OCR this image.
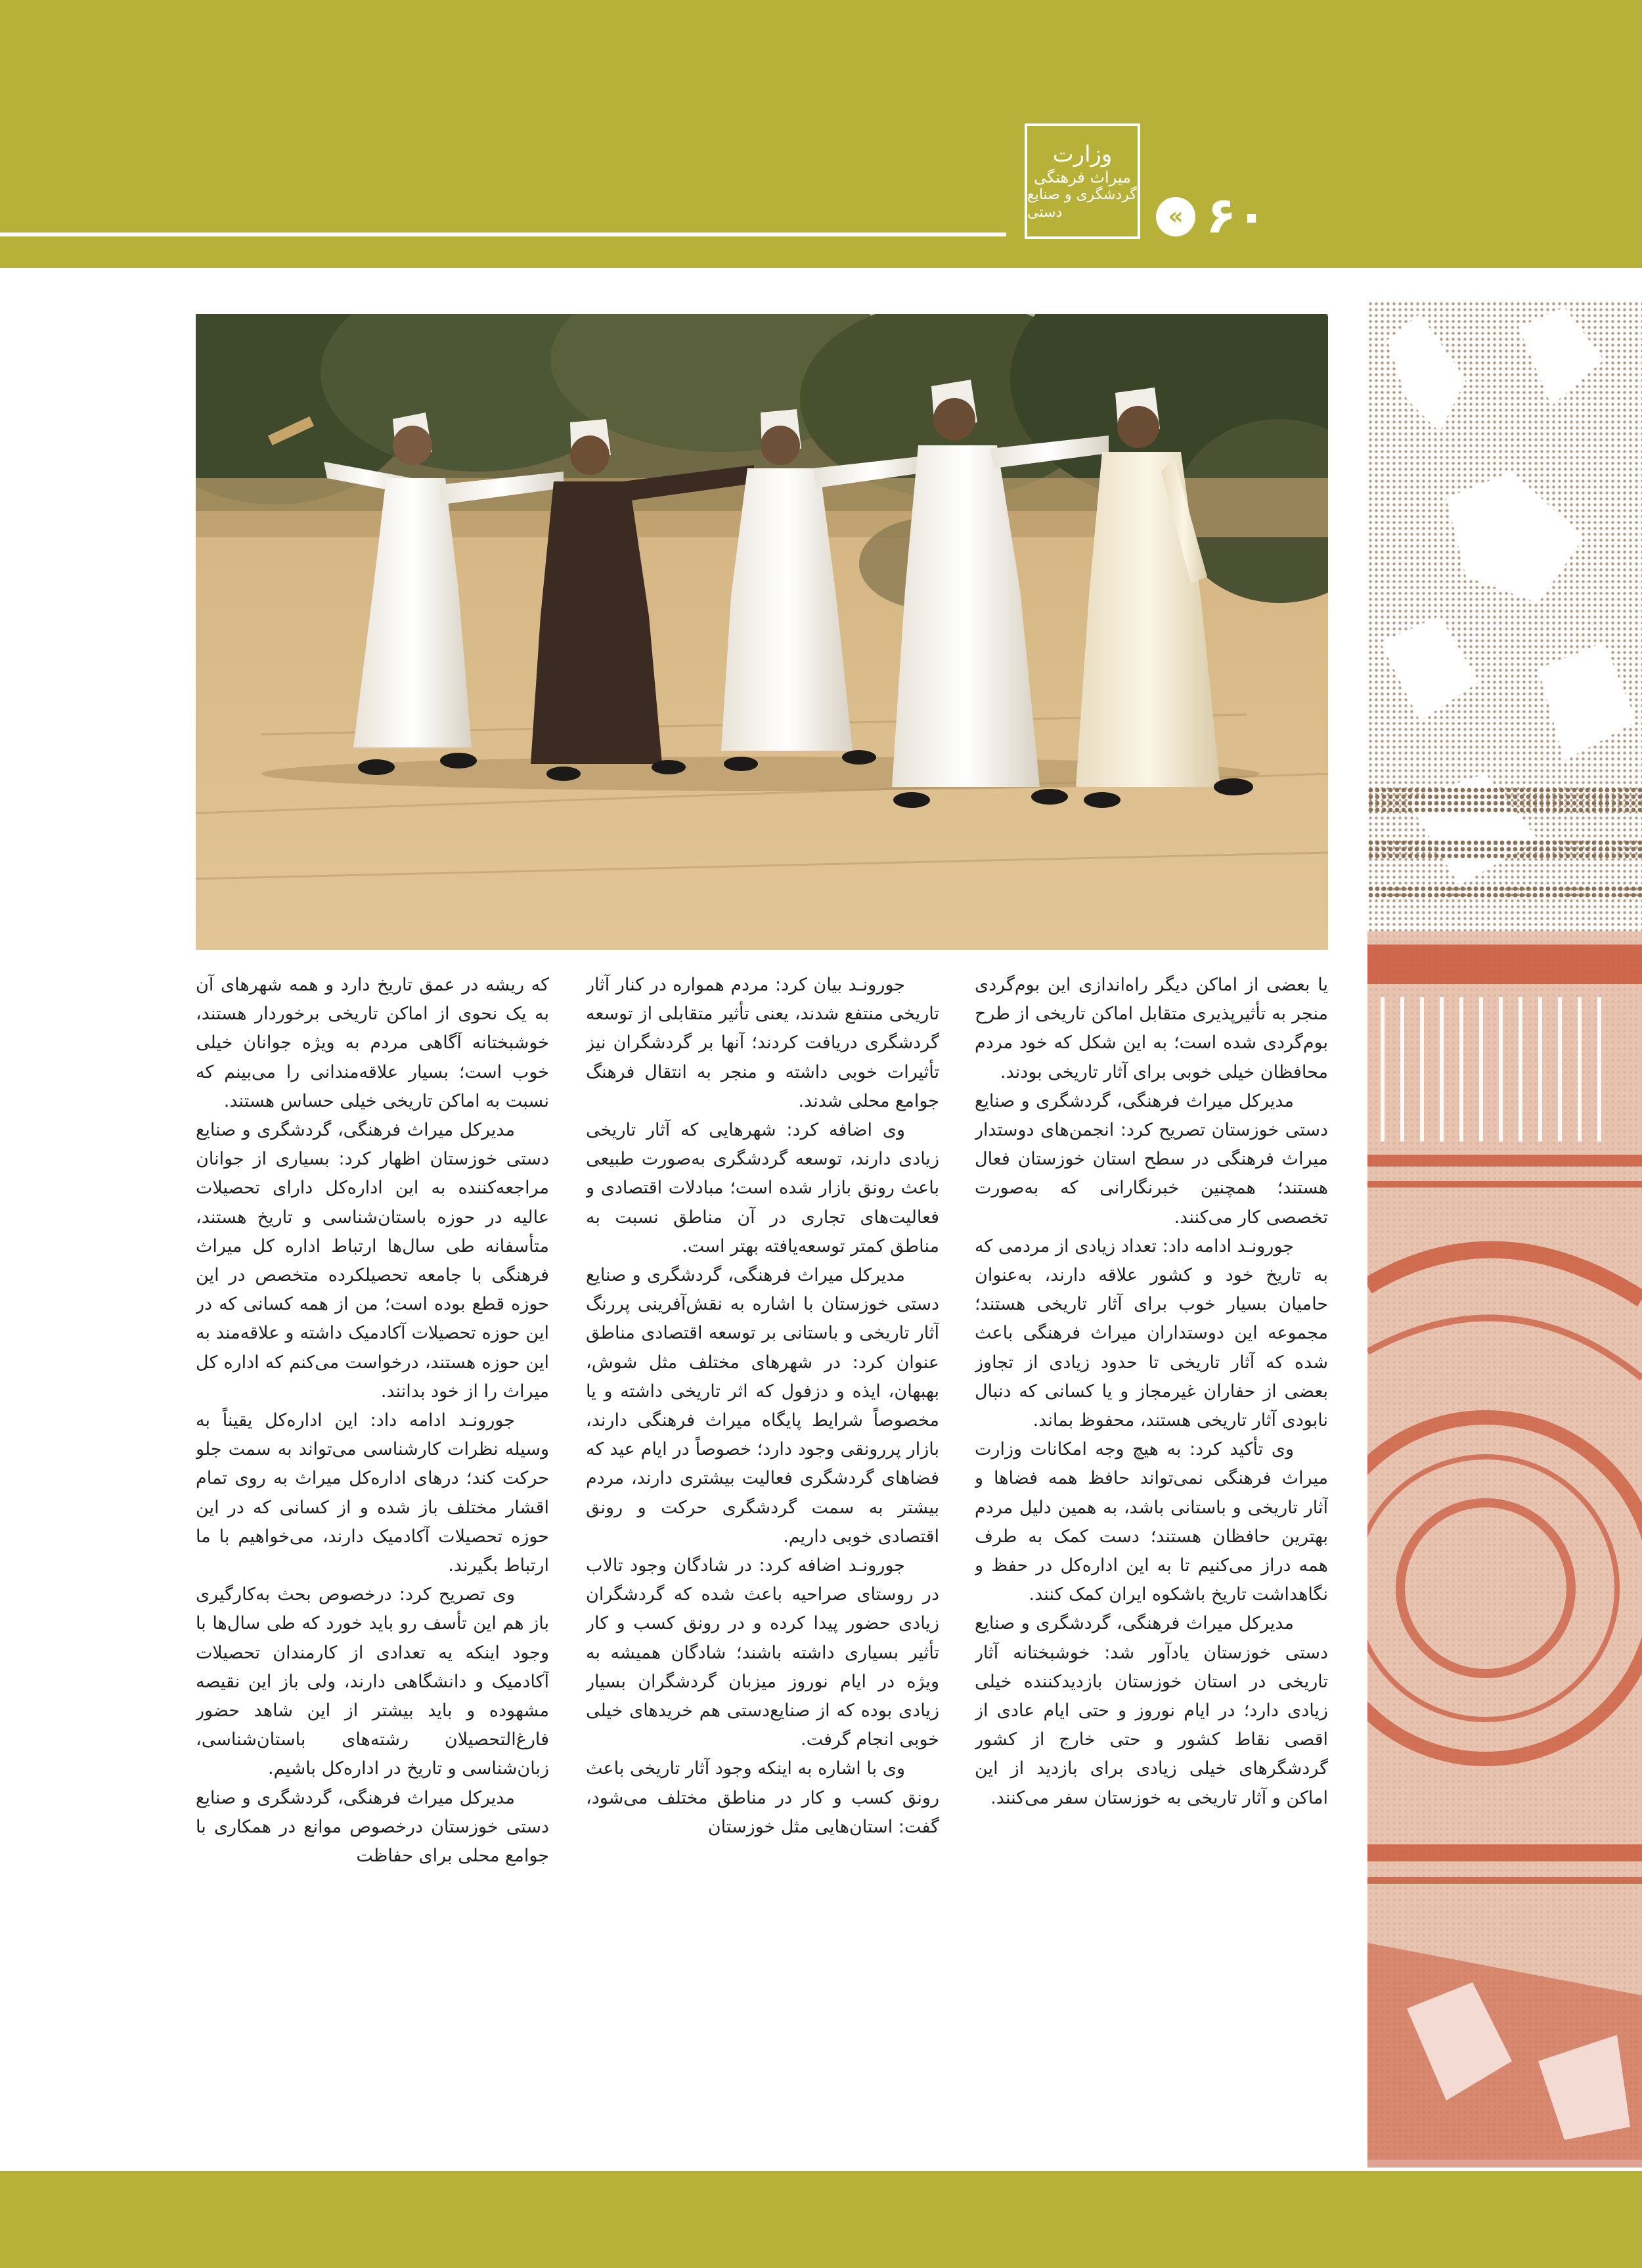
وزارت
میراث فرهنگی
گردشگری و صنایع دستی	« ۶۰

یا بعضی از اماکن دیگر راه‌اندازی این بوم‌گردی منجر به تأثیرپذیری متقابل اماکن تاریخی از طرح بوم‌گردی شده است؛ به این شکل که خود مردم محافظان خیلی خوبی برای آثار تاریخی بودند.

مدیرکل میراث فرهنگی، گردشگری و صنایع دستی خوزستان تصریح کرد: انجمن‌های دوستدار میراث فرهنگی در سطح استان خوزستان فعال هستند؛ همچنین خبرنگارانی که به‌صورت تخصصی کار می‌کنند.

جورونـد ادامه داد: تعداد زیادی از مردمی که به تاریخ خود و کشور علاقه دارند، به‌عنوان حامیان بسیار خوب برای آثار تاریخی هستند؛ مجموعه این دوستداران میراث فرهنگی باعث شده که آثار تاریخی تا حدود زیادی از تجاوز بعضی از حفاران غیرمجاز و یا کسانی که دنبال نابودی آثار تاریخی هستند، محفوظ بماند.

وی تأکید کرد: به هیچ وجه امکانات وزارت میراث فرهنگی نمی‌تواند حافظ همه فضاها و آثار تاریخی و باستانی باشد، به همین دلیل مردم بهترین حافظان هستند؛ دست کمک به طرف همه دراز می‌کنیم تا به این اداره‌کل در حفظ و نگاهداشت تاریخ باشکوه ایران کمک کنند.

مدیرکل میراث فرهنگی، گردشگری و صنایع دستی خوزستان یادآور شد: خوشبختانه آثار تاریخی در استان خوزستان بازدیدکننده خیلی زیادی دارد؛ در ایام نوروز و حتی ایام عادی از اقصی نقاط کشور و حتی خارج از کشور گردشگرهای خیلی زیادی برای بازدید از این اماکن و آثار تاریخی به خوزستان سفر می‌کنند.

جورونـد بیان کرد: مردم همواره در کنار آثار تاریخی منتفع شدند، یعنی تأثیر متقابلی از توسعه گردشگری دریافت کردند؛ آنها بر گردشگران نیز تأثیرات خوبی داشته و منجر به انتقال فرهنگ جوامع محلی شدند.

وی اضافه کرد: شهرهایی که آثار تاریخی زیادی دارند، توسعه گردشگری به‌صورت طبیعی باعث رونق بازار شده است؛ مبادلات اقتصادی و فعالیت‌های تجاری در آن مناطق نسبت به مناطق کمتر توسعه‌یافته بهتر است.

مدیرکل میراث فرهنگی، گردشگری و صنایع دستی خوزستان با اشاره به نقش‌آفرینی پررنگ آثار تاریخی و باستانی بر توسعه اقتصادی مناطق عنوان کرد: در شهرهای مختلف مثل شوش، بهبهان، ایذه و دزفول که اثر تاریخی داشته و یا مخصوصاً شرایط پایگاه میراث فرهنگی دارند، بازار پررونقی وجود دارد؛ خصوصاً در ایام عید که فضاهای گردشگری فعالیت بیشتری دارند، مردم بیشتر به سمت گردشگری حرکت و رونق اقتصادی خوبی داریم.

جورونـد اضافه کرد: در شادگان وجود تالاب در روستای صراحیه باعث شده که گردشگران زیادی حضور پیدا کرده و در رونق کسب و کار تأثیر بسیاری داشته باشند؛ شادگان همیشه به ویژه در ایام نوروز میزبان گردشگران بسیار زیادی بوده که از صنایع‌دستی هم خریدهای خیلی خوبی انجام گرفت.

وی با اشاره به اینکه وجود آثار تاریخی باعث رونق کسب و کار در مناطق مختلف می‌شود، گفت: استان‌هایی مثل خوزستان

که ریشه در عمق تاریخ دارد و همه شهرهای آن به یک نحوی از اماکن تاریخی برخوردار هستند، خوشبختانه آگاهی مردم به ویژه جوانان خیلی خوب است؛ بسیار علاقه‌مندانی را می‌بینم که نسبت به اماکن تاریخی خیلی حساس هستند.

مدیرکل میراث فرهنگی، گردشگری و صنایع دستی خوزستان اظهار کرد: بسیاری از جوانان مراجعه‌کننده به این اداره‌کل دارای تحصیلات عالیه در حوزه باستان‌شناسی و تاریخ هستند، متأسفانه طی سال‌ها ارتباط اداره کل میراث فرهنگی با جامعه تحصیلکرده متخصص در این حوزه قطع بوده است؛ من از همه کسانی که در این حوزه تحصیلات آکادمیک داشته و علاقه‌مند به این حوزه هستند، درخواست می‌کنم که اداره کل میراث را از خود بدانند.

جورونـد ادامه داد: این اداره‌کل یقیناً به وسیله نظرات کارشناسی می‌تواند به سمت جلو حرکت کند؛ درهای اداره‌کل میراث به روی تمام اقشار مختلف باز شده و از کسانی که در این حوزه تحصیلات آکادمیک دارند، می‌خواهیم با ما ارتباط بگیرند.

وی تصریح کرد: درخصوص بحث به‌کارگیری باز هم این تأسف رو باید خورد که طی سال‌ها با وجود اینکه یه تعدادی از کارمندان تحصیلات آکادمیک و دانشگاهی دارند، ولی باز این نقیصه مشهوده و باید بیشتر از این شاهد حضور فارغ‌التحصیلان رشته‌های باستان‌شناسی، زبان‌شناسی و تاریخ در اداره‌کل باشیم.

مدیرکل میراث فرهنگی، گردشگری و صنایع دستی خوزستان درخصوص موانع در همکاری با جوامع محلی برای حفاظت
